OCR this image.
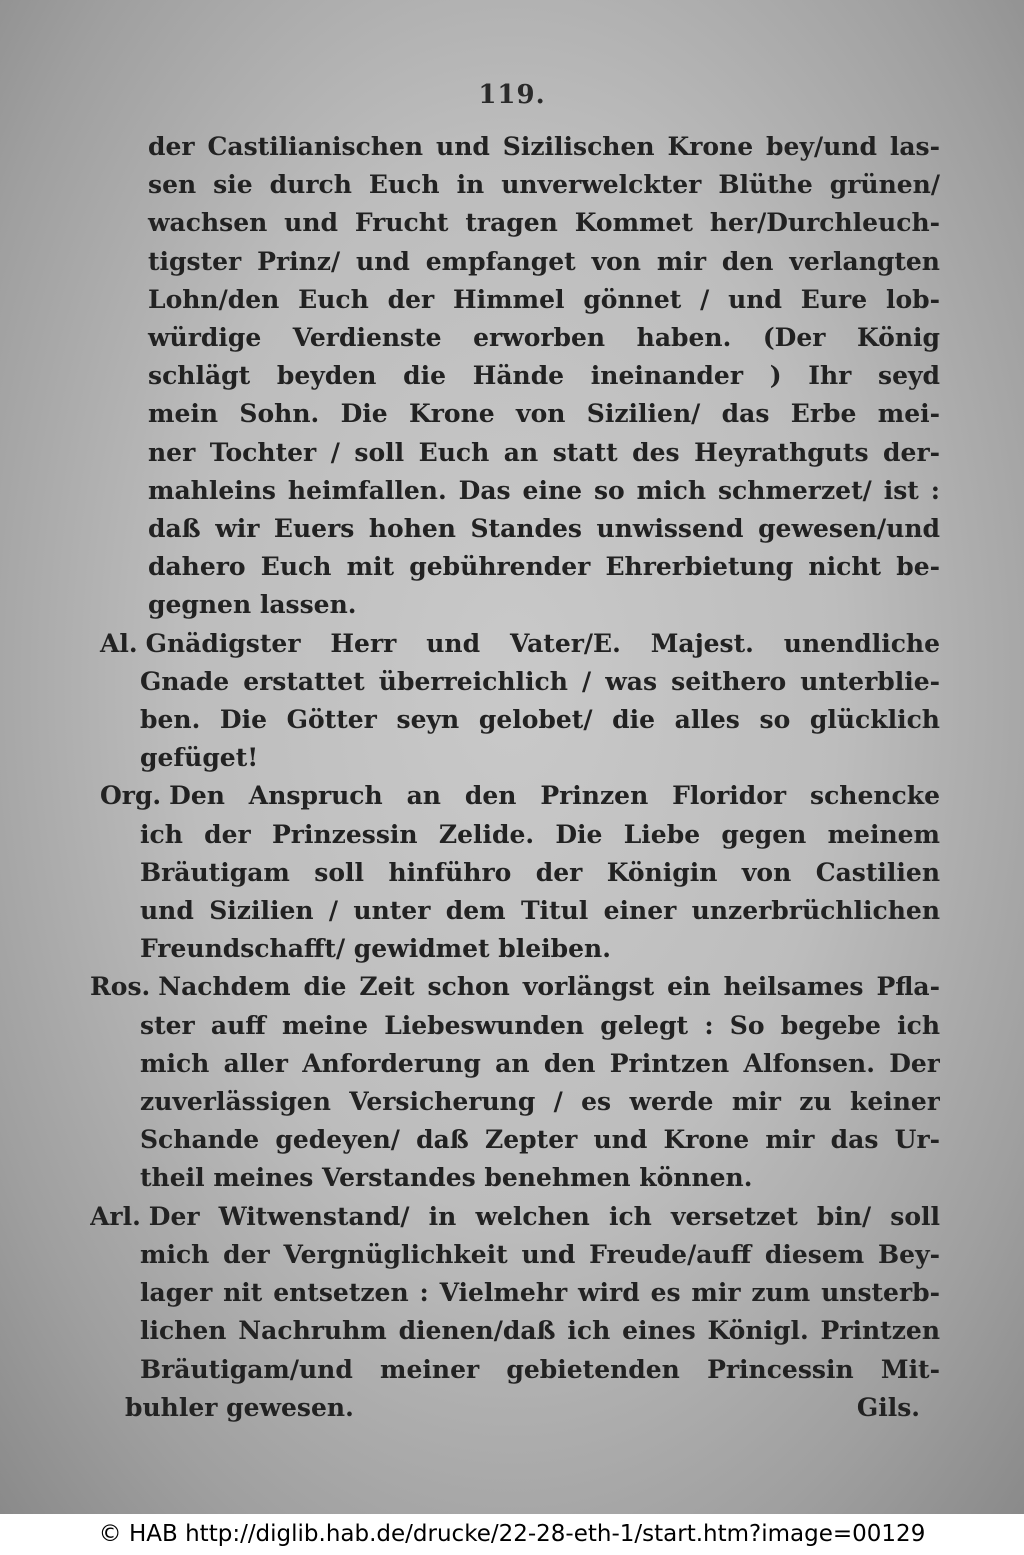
119.
der Castilianischen und Sizilischen Krone bey/und las-
sen sie durch Euch in unverwelckter Blüthe grünen/
wachsen und Frucht tragen Kommet her/Durchleuch-
tigster Prinz/ und empfanget von mir den verlangten
Lohn/den Euch der Himmel gönnet / und Eure lob-
würdige Verdienste erworben haben. (Der König
schlägt beyden die Hände ineinander ) Ihr seyd
mein Sohn. Die Krone von Sizilien/ das Erbe mei-
ner Tochter / soll Euch an statt des Heyrathguts der-
mahleins heimfallen. Das eine so mich schmerzet/ ist :
daß wir Euers hohen Standes unwissend gewesen/und
dahero Euch mit gebührender Ehrerbietung nicht be-
gegnen lassen.
Al. Gnädigster Herr und Vater/E. Majest. unendliche
Gnade erstattet überreichlich / was seithero unterblie-
ben. Die Götter seyn gelobet/ die alles so glücklich
gefüget!
Org. Den Anspruch an den Prinzen Floridor schencke
ich der Prinzessin Zelide. Die Liebe gegen meinem
Bräutigam soll hinführo der Königin von Castilien
und Sizilien / unter dem Titul einer unzerbrüchlichen
Freundschafft/ gewidmet bleiben.
Ros. Nachdem die Zeit schon vorlängst ein heilsames Pfla-
ster auff meine Liebeswunden gelegt : So begebe ich
mich aller Anforderung an den Printzen Alfonsen. Der
zuverlässigen Versicherung / es werde mir zu keiner
Schande gedeyen/ daß Zepter und Krone mir das Ur-
theil meines Verstandes benehmen können.
Arl. Der Witwenstand/ in welchen ich versetzet bin/ soll
mich der Vergnüglichkeit und Freude/auff diesem Bey-
lager nit entsetzen : Vielmehr wird es mir zum unsterb-
lichen Nachruhm dienen/daß ich eines Königl. Printzen
Bräutigam/und meiner gebietenden Princessin Mit-
buhler gewesen.	Gils.
© HAB http://diglib.hab.de/drucke/22-28-eth-1/start.htm?image=00129
